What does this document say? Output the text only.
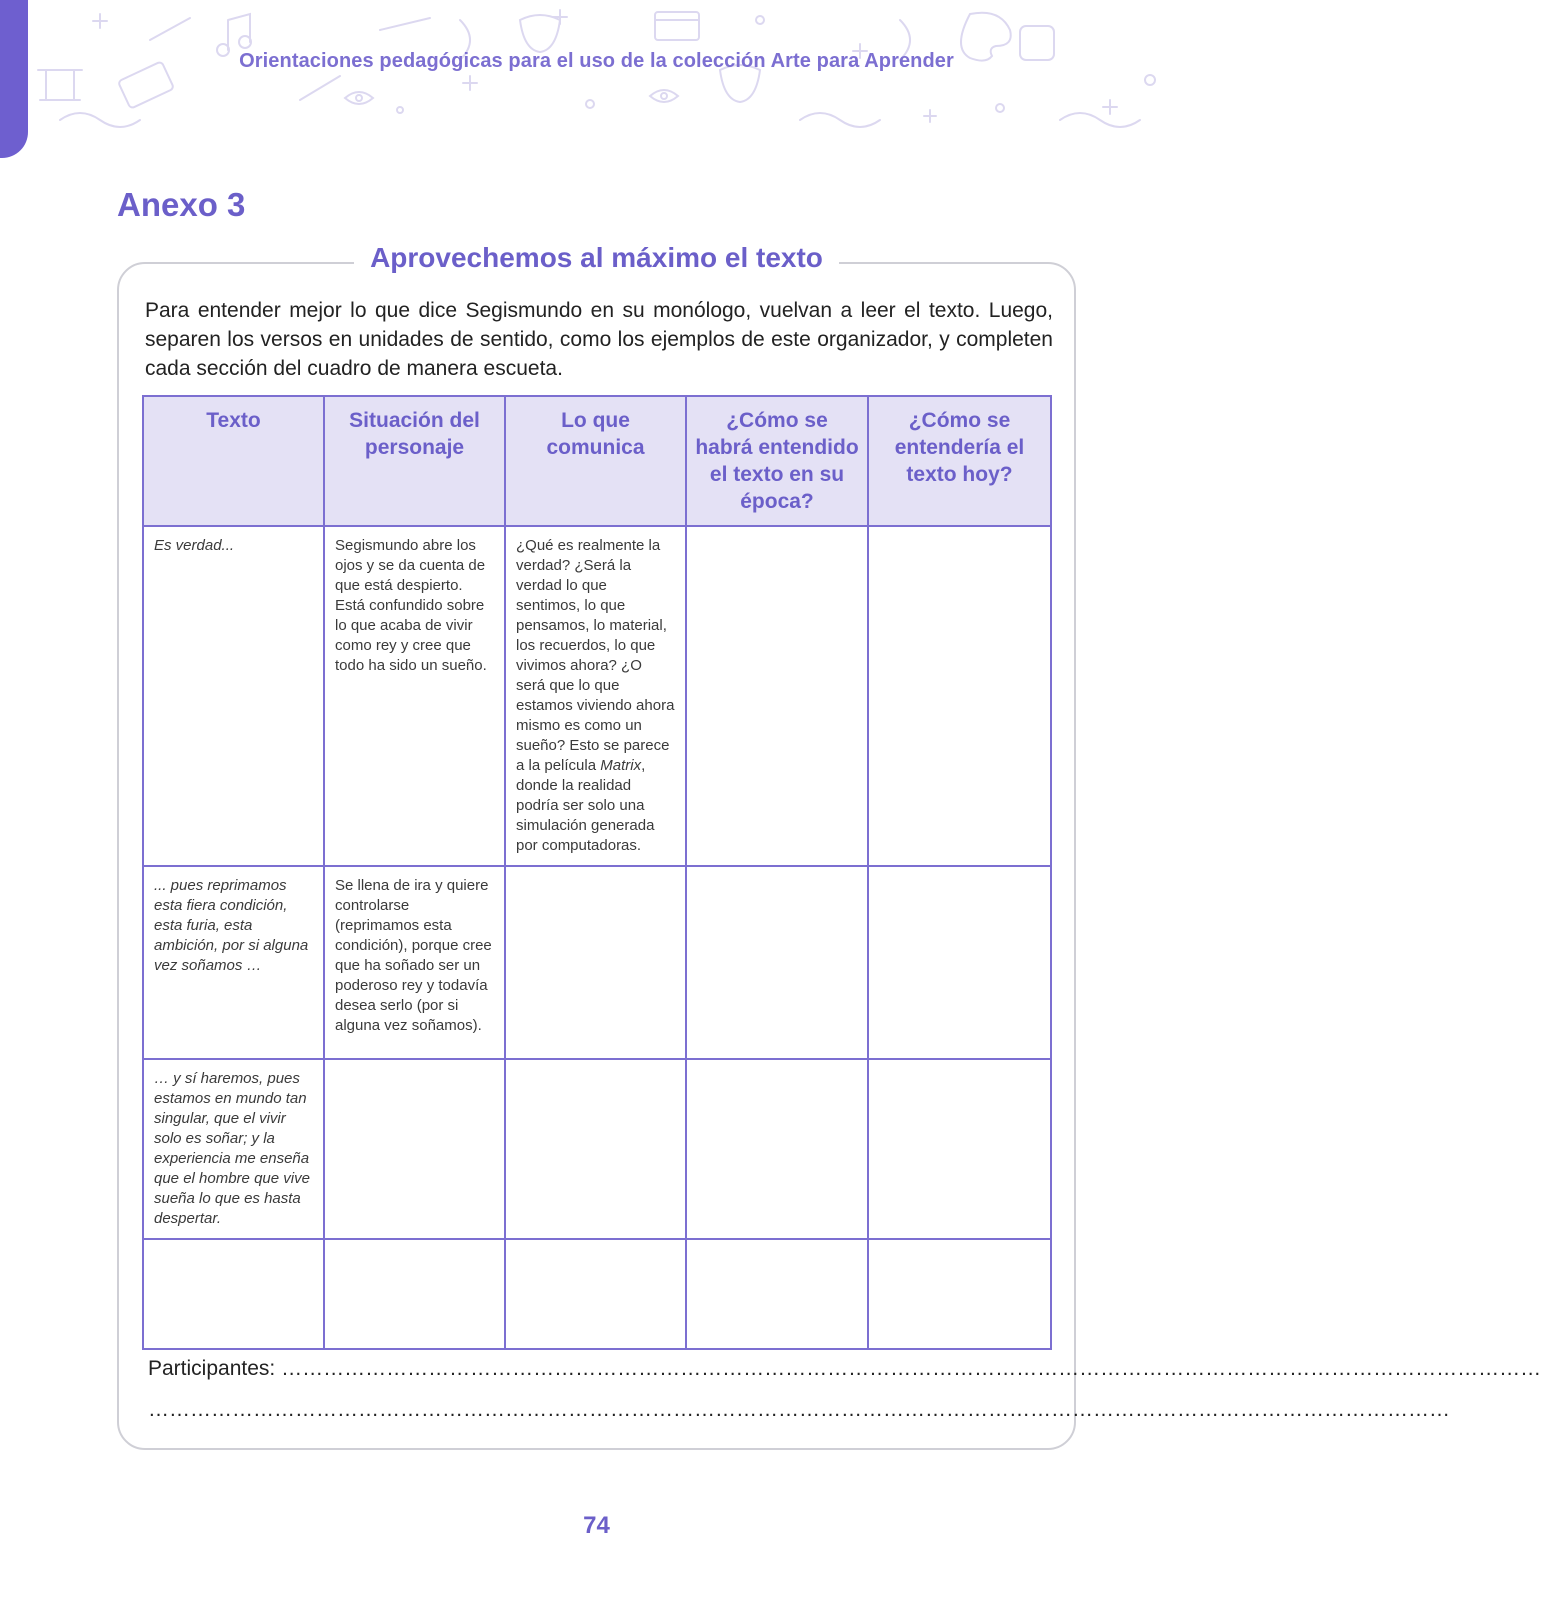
Orientaciones pedagógicas para el uso de la colección Arte para Aprender
Anexo 3
Aprovechemos al máximo el texto
Para entender mejor lo que dice Segismundo en su monólogo, vuelvan a leer el texto. Luego, separen los versos en unidades de sentido, como los ejemplos de este organizador, y completen cada sección del cuadro de manera escueta.
Texto	Situación del personaje	Lo que comunica	¿Cómo se habrá entendido el texto en su época?	¿Cómo se entendería el texto hoy?
Es verdad...	Segismundo abre los ojos y se da cuenta de que está despierto. Está confundido sobre lo que acaba de vivir como rey y cree que todo ha sido un sueño.	¿Qué es realmente la verdad? ¿Será la verdad lo que sentimos, lo que pensamos, lo material, los recuerdos, lo que vivimos ahora? ¿O será que lo que estamos viviendo ahora mismo es como un sueño? Esto se parece a la película Matrix, donde la realidad podría ser solo una simulación generada por computadoras.		
... pues reprimamos esta fiera condición, esta furia, esta ambición, por si alguna vez soñamos …	Se llena de ira y quiere controlarse (reprimamos esta condición), porque cree que ha soñado ser un poderoso rey y todavía desea serlo (por si alguna vez soñamos).			
… y sí haremos, pues estamos en mundo tan singular, que el vivir solo es soñar; y la experiencia me enseña que el hombre que vive sueña lo que es hasta despertar.				

Participantes: ………………………………………………………………………………………………………………………………………………………………
……………………………………………………………………………………………………………………………………………………………………
74
